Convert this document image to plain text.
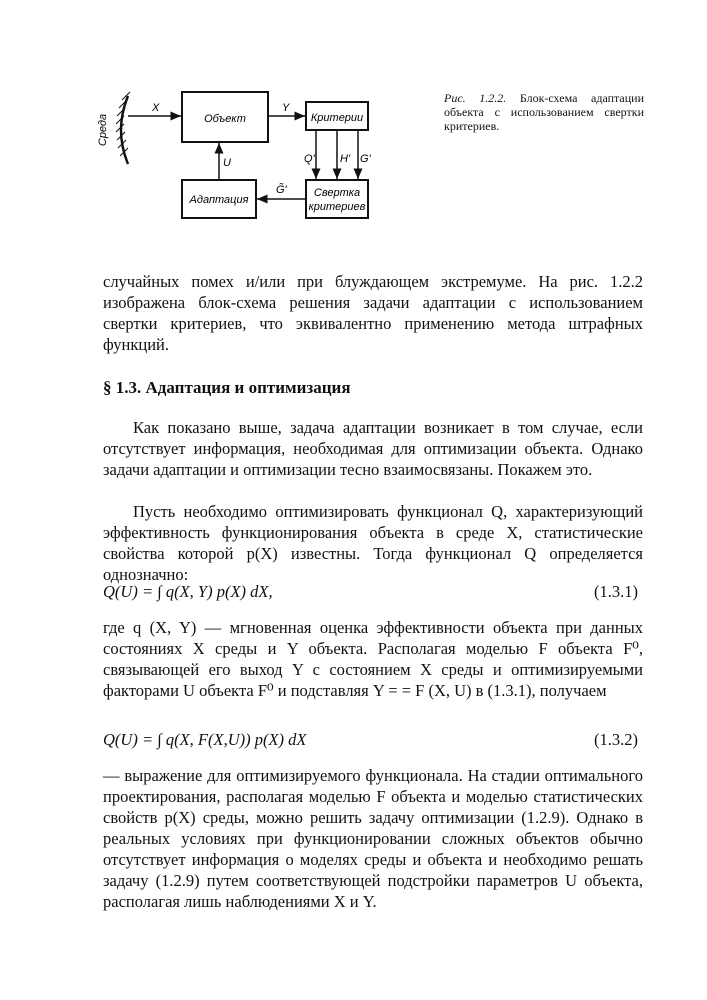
Среда	Объект	Критерии
Свертка
критериев
Адаптация
X	Y
Q' H' G'
G̃'
U
Рис. 1.2.2. Блок-схема адаптации объекта с использованием свертки критериев.

случайных помех и/или при блуждающем экстремуме. На рис. 1.2.2 изображена блок-схема решения задачи адаптации с использованием свертки критериев, что эквивалентно применению метода штрафных функций.

§ 1.3. Адаптация и оптимизация

Как показано выше, задача адаптации возникает в том случае, если отсутствует информация, необходимая для оптимизации объекта. Однако задачи адаптации и оптимизации тесно взаимосвязаны. Покажем это.

Пусть необходимо оптимизировать функционал Q, характеризующий эффективность функционирования объекта в среде X, статистические свойства которой p(X) известны. Тогда функционал Q определяется однозначно:

Q(U) = ∫ q(X, Y) p(X) dX,	(1.3.1)

где q (X, Y) — мгновенная оценка эффективности объекта при данных состояниях X среды и Y объекта. Располагая моделью F объекта F⁰, связывающей его выход Y с состоянием X среды и оптимизируемыми факторами U объекта F⁰ и подставляя Y = = F (X, U) в (1.3.1), получаем

Q(U) = ∫ q(X, F(X,U)) p(X) dX	(1.3.2)

— выражение для оптимизируемого функционала. На стадии оптимального проектирования, располагая моделью F объекта и моделью статистических свойств p(X) среды, можно решить задачу оптимизации (1.2.9). Однако в реальных условиях при функционировании сложных объектов обычно отсутствует информация о моделях среды и объекта и необходимо решать задачу (1.2.9) путем соответствующей подстройки параметров U объекта, располагая лишь наблюдениями X и Y.
